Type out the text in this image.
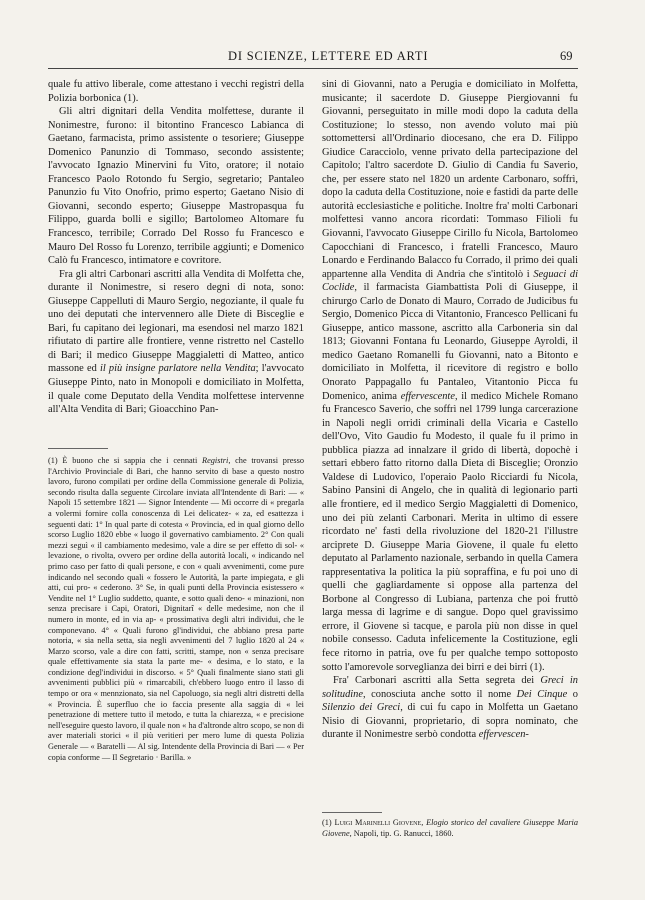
DI SCIENZE, LETTERE ED ARTI	69

quale fu attivo liberale, come attestano i vecchi registri della Polizia borbonica (1).

Gli altri dignitari della Vendita molfettese, durante il Nonimestre, furono: il bitontino Francesco Labianca di Gaetano, farmacista, primo assistente o tesoriere; Giuseppe Domenico Panunzio di Tommaso, secondo assistente; l'avvocato Ignazio Minervini fu Vito, oratore; il notaio Francesco Paolo Rotondo fu Sergio, segretario; Pantaleo Panunzio fu Vito Onofrio, primo esperto; Gaetano Nisio di Giovanni, secondo esperto; Giuseppe Mastropasqua fu Filippo, guarda bolli e sigillo; Bartolomeo Altomare fu Francesco, terribile; Corrado Del Rosso fu Francesco e Mauro Del Rosso fu Lorenzo, terribile aggiunti; e Domenico Calò fu Francesco, intimatore e covritore.

Fra gli altri Carbonari ascritti alla Vendita di Molfetta che, durante il Nonimestre, si resero degni di nota, sono: Giuseppe Cappelluti di Mauro Sergio, negoziante, il quale fu uno dei deputati che intervennero alle Diete di Bisceglie e Bari, fu capitano dei legionari, ma esendosi nel marzo 1821 rifiutato di partire alle frontiere, venne ristretto nel Castello di Bari; il medico Giuseppe Maggialetti di Matteo, antico massone ed il più insigne parlatore nella Vendita; l'avvocato Giuseppe Pinto, nato in Monopoli e domiciliato in Molfetta, il quale come Deputato della Vendita molfettese intervenne all'Alta Vendita di Bari; Gioacchino Pan-

(1) È buono che si sappia che i cennati Registri, che trovansi presso l'Archivio Provinciale di Bari, che hanno servito di base a questo nostro lavoro, furono compilati per ordine della Commissione generale di Polizia, secondo risulta dalla seguente Circolare inviata all'Intendente di Bari: — « Napoli 15 settembre 1821 — Signor Intendente — Mi occorre di « pregarla a volermi fornire colla conoscenza di Lei delicatez- « za, ed esattezza i seguenti dati: 1° In qual parte di cotesta « Provincia, ed in qual giorno dello scorso Luglio 1820 ebbe « luogo il governativo cambiamento. 2° Con quali mezzi seguì « il cambiamento medesimo, vale a dire se per effetto di sol- « levazione, o rivolta, ovvero per ordine della autorità locali, « indicando nel primo caso per fatto di quali persone, e con « quali avvenimenti, come pure indicando nel secondo quali « fossero le Autorità, la parte impiegata, e gli atti, cui pro- « cederono. 3° Se, in quali punti della Provincia esistessero « Vendite nel 1° Luglio suddetto, quante, e sotto quali deno- « minazioni, non senza precisare i Capi, Oratori, Dignitarî « delle medesime, non che il numero in monte, ed in via ap- « prossimativa degli altri individui, che le componevano. 4° « Quali furono gl'individui, che abbiano presa parte notoria, « sia nella setta, sia negli avvenimenti del 7 luglio 1820 al 24 « Marzo scorso, vale a dire con fatti, scritti, stampe, non « senza precisare quale effettivamente sia stata la parte me- « desima, e lo stato, e la condizione degl'individui in discorso. « 5° Quali finalmente siano stati gli avvenimenti pubblici più « rimarcabili, ch'ebbero luogo entro il lasso di tempo or ora « mennzionato, sia nel Capoluogo, sia negli altri distretti della « Provincia. È superfluo che io faccia presente alla saggia di « lei penetrazione di mettere tutto il metodo, e tutta la chiarezza, « e precisione nell'eseguire questo lavoro, il quale non « ha d'altronde altro scopo, se non di aver materiali storici « il più veritieri per mero lume di questa Polizia Generale — « Baratelli — Al sig. Intendente della Provincia di Bari — « Per copia conforme — Il Segretario · Barilla. »

sini di Giovanni, nato a Perugia e domiciliato in Molfetta, musicante; il sacerdote D. Giuseppe Piergiovanni fu Giovanni, perseguitato in mille modi dopo la caduta della Costituzione; lo stesso, non avendo voluto mai più sottomettersi all'Ordinario diocesano, che era D. Filippo Giudice Caracciolo, venne privato della partecipazione del Capitolo; l'altro sacerdote D. Giulio di Candia fu Saverio, che, per essere stato nel 1820 un ardente Carbonaro, soffrì, dopo la caduta della Costituzione, noie e fastidi da parte delle autorità ecclesiastiche e politiche. Inoltre fra' molti Carbonari molfettesi vanno ancora ricordati: Tommaso Filioli fu Giovanni, l'avvocato Giuseppe Cirillo fu Nicola, Bartolomeo Capocchiani di Francesco, i fratelli Francesco, Mauro Lonardo e Ferdinando Balacco fu Corrado, il primo dei quali appartenne alla Vendita di Andria che s'intitolò i Seguaci di Coclide, il farmacista Giambattista Poli di Giuseppe, il chirurgo Carlo de Donato di Mauro, Corrado de Judicibus fu Sergio, Domenico Picca di Vitantonio, Francesco Pellicani fu Giuseppe, antico massone, ascritto alla Carboneria sin dal 1813; Giovanni Fontana fu Leonardo, Giuseppe Ayroldi, il medico Gaetano Romanelli fu Giovanni, nato a Bitonto e domiciliato in Molfetta, il ricevitore di registro e bollo Onorato Pappagallo fu Pantaleo, Vitantonio Picca fu Domenico, anima effervescente, il medico Michele Romano fu Francesco Saverio, che soffrì nel 1799 lunga carcerazione in Napoli negli orridi criminali della Vicaria e Castello dell'Ovo, Vito Gaudio fu Modesto, il quale fu il primo in pubblica piazza ad innalzare il grido di libertà, dopochè i settari ebbero fatto ritorno dalla Dieta di Bisceglie; Oronzio Valdese di Ludovico, l'operaio Paolo Ricciardi fu Nicola, Sabino Pansini di Angelo, che in qualità di legionario partì alle frontiere, ed il medico Sergio Maggialetti di Domenico, uno dei più zelanti Carbonari. Merita in ultimo di essere ricordato ne' fasti della rivoluzione del 1820-21 l'illustre arciprete D. Giuseppe Maria Giovene, il quale fu eletto deputato al Parlamento nazionale, serbando in quella Camera rappresentativa la politica la più sopraffina, e fu poi uno di quelli che gagliardamente si oppose alla partenza del Borbone al Congresso di Lubiana, partenza che poi fruttò larga messa di lagrime e di sangue. Dopo quel gravissimo errore, il Giovene si tacque, e parola più non disse in quel nobile consesso. Caduta infelicemente la Costituzione, egli fece ritorno in patria, ove fu per qualche tempo sottoposto sotto l'amorevole sorveglianza dei birri e dei birri (1).

Fra' Carbonari ascritti alla Setta segreta dei Greci in solitudine, conosciuta anche sotto il nome Dei Cinque o Silenzio dei Greci, di cui fu capo in Molfetta un Gaetano Nisio di Giovanni, proprietario, di sopra nominato, che durante il Nonimestre serbò condotta effervescen-

(1) Luigi Marinelli Giovene, Elogio storico del cavaliere Giuseppe Maria Giovene, Napoli, tip. G. Ranucci, 1860.
